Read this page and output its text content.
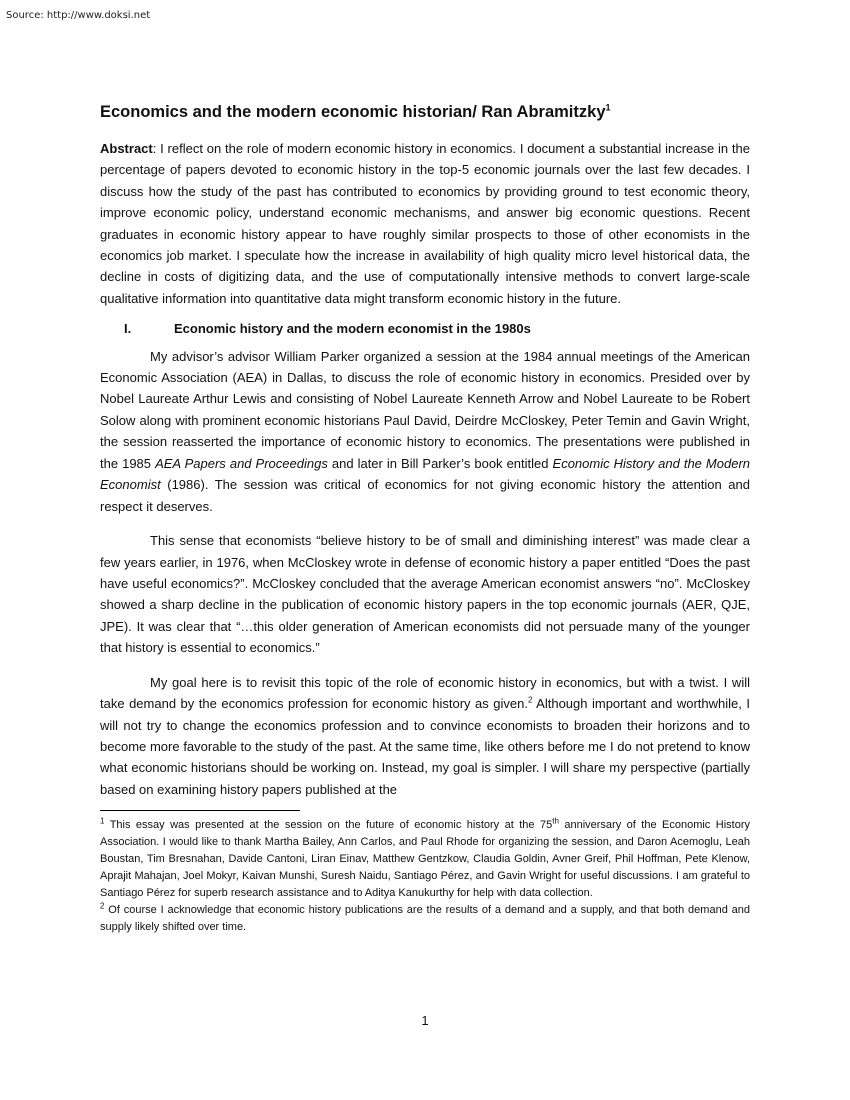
Source: http://www.doksi.net
Economics and the modern economic historian/ Ran Abramitzky$^1$

Abstract: I reflect on the role of modern economic history in economics. I document a substantial increase in the percentage of papers devoted to economic history in the top-5 economic journals over the last few decades. I discuss how the study of the past has contributed to economics by providing ground to test economic theory, improve economic policy, understand economic mechanisms, and answer big economic questions. Recent graduates in economic history appear to have roughly similar prospects to those of other economists in the economics job market. I speculate how the increase in availability of high quality micro level historical data, the decline in costs of digitizing data, and the use of computationally intensive methods to convert large-scale qualitative information into quantitative data might transform economic history in the future.

I.	Economic history and the modern economist in the 1980s

My advisor’s advisor William Parker organized a session at the 1984 annual meetings of the American Economic Association (AEA) in Dallas, to discuss the role of economic history in economics. Presided over by Nobel Laureate Arthur Lewis and consisting of Nobel Laureate Kenneth Arrow and Nobel Laureate to be Robert Solow along with prominent economic historians Paul David, Deirdre McCloskey, Peter Temin and Gavin Wright, the session reasserted the importance of economic history to economics. The presentations were published in the 1985 AEA Papers and Proceedings and later in Bill Parker’s book entitled Economic History and the Modern Economist (1986). The session was critical of economics for not giving economic history the attention and respect it deserves.

This sense that economists “believe history to be of small and diminishing interest” was made clear a few years earlier, in 1976, when McCloskey wrote in defense of economic history a paper entitled “Does the past have useful economics?”. McCloskey concluded that the average American economist answers “no”. McCloskey showed a sharp decline in the publication of economic history papers in the top economic journals (AER, QJE, JPE). It was clear that “…this older generation of American economists did not persuade many of the younger that history is essential to economics.”

My goal here is to revisit this topic of the role of economic history in economics, but with a twist. I will take demand by the economics profession for economic history as given.$^2$ Although important and worthwhile, I will not try to change the economics profession and to convince economists to broaden their horizons and to become more favorable to the study of the past. At the same time, like others before me I do not pretend to know what economic historians should be working on. Instead, my goal is simpler. I will share my perspective (partially based on examining history papers published at the

$^1$ This essay was presented at the session on the future of economic history at the 75th anniversary of the Economic History Association. I would like to thank Martha Bailey, Ann Carlos, and Paul Rhode for organizing the session, and Daron Acemoglu, Leah Boustan, Tim Bresnahan, Davide Cantoni, Liran Einav, Matthew Gentzkow, Claudia Goldin, Avner Greif, Phil Hoffman, Pete Klenow, Aprajit Mahajan, Joel Mokyr, Kaivan Munshi, Suresh Naidu, Santiago Pérez, and Gavin Wright for useful discussions. I am grateful to Santiago Pérez for superb research assistance and to Aditya Kanukurthy for help with data collection.
$^2$ Of course I acknowledge that economic history publications are the results of a demand and a supply, and that both demand and supply likely shifted over time.
1
